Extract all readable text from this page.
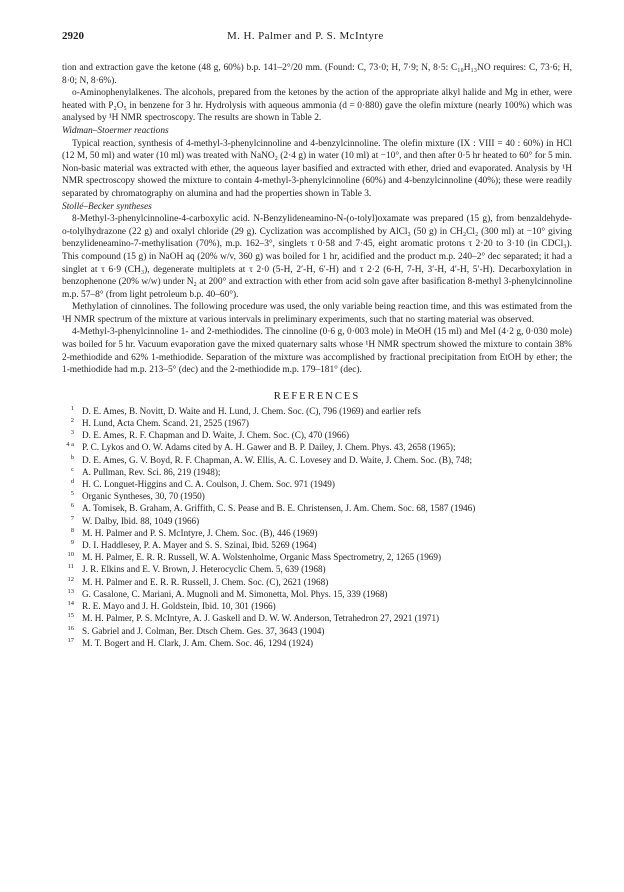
2920	M. H. Palmer and P. S. McIntyre

tion and extraction gave the ketone (48 g, 60%) b.p. 141–2°/20 mm. (Found: C, 73·0; H, 7·9; N, 8·5: C₁₀H₁₃NO requires: C, 73·6; H, 8·0; N, 8·6%).

o-Aminophenylalkenes. The alcohols, prepared from the ketones by the action of the appropriate alkyl halide and Mg in ether, were heated with P₂O₅ in benzene for 3 hr. Hydrolysis with aqueous ammonia (d = 0·880) gave the olefin mixture (nearly 100%) which was analysed by ¹H NMR spectroscopy. The results are shown in Table 2.

Widman–Stoermer reactions

Typical reaction, synthesis of 4-methyl-3-phenylcinnoline and 4-benzylcinnoline. The olefin mixture (IX : VIII = 40 : 60%) in HCl (12 M, 50 ml) and water (10 ml) was treated with NaNO₂ (2·4 g) in water (10 ml) at −10°, and then after 0·5 hr heated to 60° for 5 min. Non-basic material was extracted with ether, the aqueous layer basified and extracted with ether, dried and evaporated. Analysis by ¹H NMR spectroscopy showed the mixture to contain 4-methyl-3-phenylcinnoline (60%) and 4-benzylcinnoline (40%); these were readily separated by chromatography on alumina and had the properties shown in Table 3.

Stollé–Becker syntheses

8-Methyl-3-phenylcinnoline-4-carboxylic acid. N-Benzylideneamino-N-(o-tolyl)oxamate was prepared (15 g), from benzaldehyde-o-tolylhydrazone (22 g) and oxalyl chloride (29 g). Cyclization was accomplished by AlCl₃ (50 g) in CH₂Cl₂ (300 ml) at −10° giving benzylideneamino-7-methylisation (70%), m.p. 162–3°, singlets τ 0·58 and 7·45, eight aromatic protons τ 2·20 to 3·10 (in CDCl₃). This compound (15 g) in NaOH aq (20% w/v, 360 g) was boiled for 1 hr, acidified and the product m.p. 240–2° dec separated; it had a singlet at τ 6·9 (CH₃), degenerate multiplets at τ 2·0 (5-H, 2′-H, 6′-H) and τ 2·2 (6-H, 7-H, 3′-H, 4′-H, 5′-H). Decarboxylation in benzophenone (20% w/w) under N₂ at 200° and extraction with ether from acid soln gave after basification 8-methyl 3-phenylcinnoline m.p. 57–8° (from light petroleum b.p. 40–60°).

Methylation of cinnolines. The following procedure was used, the only variable being reaction time, and this was estimated from the ¹H NMR spectrum of the mixture at various intervals in preliminary experiments, such that no starting material was observed.

4-Methyl-3-phenylcinnoline 1- and 2-methiodides. The cinnoline (0·6 g, 0·003 mole) in MeOH (15 ml) and MeI (4·2 g, 0·030 mole) was boiled for 5 hr. Vacuum evaporation gave the mixed quaternary salts whose ¹H NMR spectrum showed the mixture to contain 38% 2-methiodide and 62% 1-methiodide. Separation of the mixture was accomplished by fractional precipitation from EtOH by ether; the 1-methiodide had m.p. 213–5° (dec) and the 2-methiodide m.p. 179–181° (dec).

REFERENCES
1 D. E. Ames, B. Novitt, D. Waite and H. Lund, J. Chem. Soc. (C), 796 (1969) and earlier refs
2 H. Lund, Acta Chem. Scand. 21, 2525 (1967)
3 D. E. Ames, R. F. Chapman and D. Waite, J. Chem. Soc. (C), 470 (1966)
4 a P. C. Lykos and O. W. Adams cited by A. H. Gawer and B. P. Dailey, J. Chem. Phys. 43, 2658 (1965);
b D. E. Ames, G. V. Boyd, R. F. Chapman, A. W. Ellis, A. C. Lovesey and D. Waite, J. Chem. Soc. (B), 748;
c A. Pullman, Rev. Sci. 86, 219 (1948);
d H. C. Longuet-Higgins and C. A. Coulson, J. Chem. Soc. 971 (1949)
5 Organic Syntheses, 30, 70 (1950)
6 A. Tomisek, B. Graham, A. Griffith, C. S. Pease and B. E. Christensen, J. Am. Chem. Soc. 68, 1587 (1946)
7 W. Dalby, Ibid. 88, 1049 (1966)
8 M. H. Palmer and P. S. McIntyre, J. Chem. Soc. (B), 446 (1969)
9 D. I. Haddlesey, P. A. Mayer and S. S. Szinai, Ibid. 5269 (1964)
10 M. H. Palmer, E. R. R. Russell, W. A. Wolstenholme, Organic Mass Spectrometry, 2, 1265 (1969)
11 J. R. Elkins and E. V. Brown, J. Heterocyclic Chem. 5, 639 (1968)
12 M. H. Palmer and E. R. R. Russell, J. Chem. Soc. (C), 2621 (1968)
13 G. Casalone, C. Mariani, A. Mugnoli and M. Simonetta, Mol. Phys. 15, 339 (1968)
14 R. E. Mayo and J. H. Goldstein, Ibid. 10, 301 (1966)
15 M. H. Palmer, P. S. McIntyre, A. J. Gaskell and D. W. W. Anderson, Tetrahedron 27, 2921 (1971)
16 S. Gabriel and J. Colman, Ber. Dtsch Chem. Ges. 37, 3643 (1904)
17 M. T. Bogert and H. Clark, J. Am. Chem. Soc. 46, 1294 (1924)
